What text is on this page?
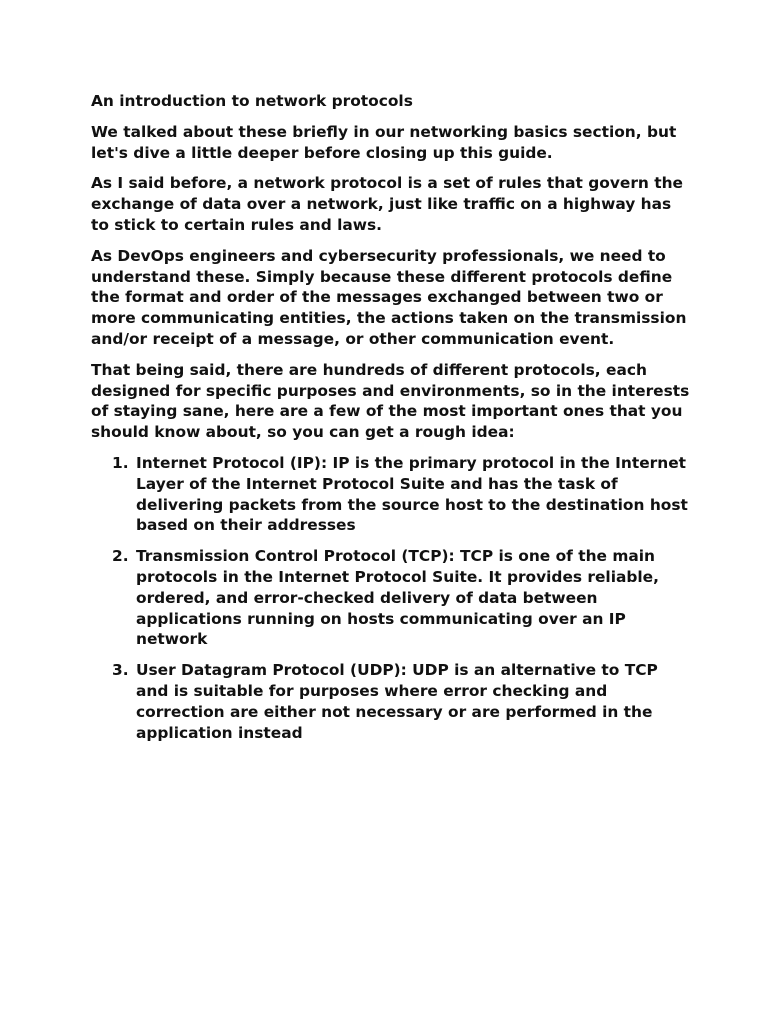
An introduction to network protocols

We talked about these briefly in our networking basics section, but let's dive a little deeper before closing up this guide.

As I said before, a network protocol is a set of rules that govern the exchange of data over a network, just like traffic on a highway has to stick to certain rules and laws.

As DevOps engineers and cybersecurity professionals, we need to understand these. Simply because these different protocols define the format and order of the messages exchanged between two or more communicating entities, the actions taken on the transmission and/or receipt of a message, or other communication event.

That being said, there are hundreds of different protocols, each designed for specific purposes and environments, so in the interests of staying sane, here are a few of the most important ones that you should know about, so you can get a rough idea:

1. Internet Protocol (IP): IP is the primary protocol in the Internet Layer of the Internet Protocol Suite and has the task of delivering packets from the source host to the destination host based on their addresses
2. Transmission Control Protocol (TCP): TCP is one of the main protocols in the Internet Protocol Suite. It provides reliable, ordered, and error-checked delivery of data between applications running on hosts communicating over an IP network
3. User Datagram Protocol (UDP): UDP is an alternative to TCP and is suitable for purposes where error checking and correction are either not necessary or are performed in the application instead
